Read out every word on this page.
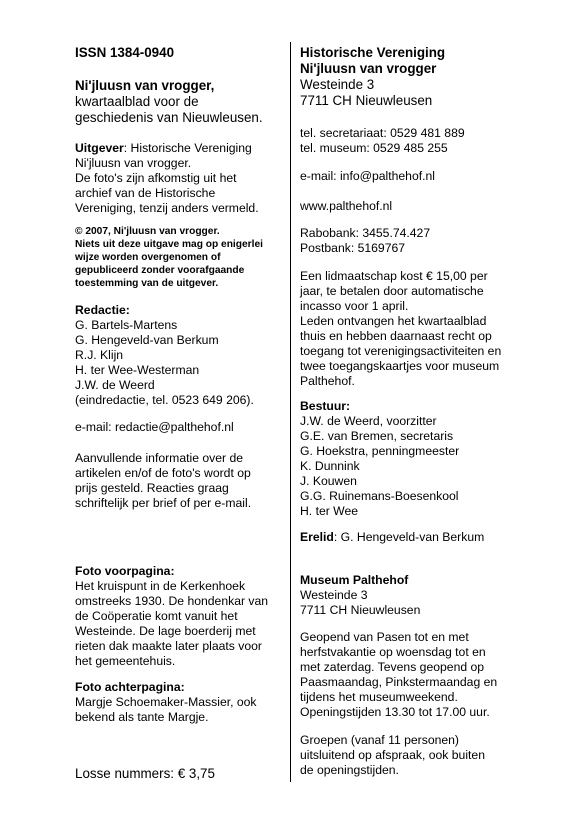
ISSN 1384-0940
Ni'jluusn van vrogger,
kwartaalblad voor de
geschiedenis van Nieuwleusen.
Uitgever: Historische Vereniging
Ni'jluusn van vrogger.
De foto's zijn afkomstig uit het
archief van de Historische
Vereniging, tenzij anders vermeld.
© 2007, Ni'jluusn van vrogger.
Niets uit deze uitgave mag op enigerlei
wijze worden overgenomen of
gepubliceerd zonder voorafgaande
toestemming van de uitgever.
Redactie:
G. Bartels-Martens
G. Hengeveld-van Berkum
R.J. Klijn
H. ter Wee-Westerman
J.W. de Weerd
(eindredactie, tel. 0523 649 206).
e-mail: redactie@palthehof.nl
Aanvullende informatie over de
artikelen en/of de foto's wordt op
prijs gesteld. Reacties graag
schriftelijk per brief of per e-mail.
Foto voorpagina:
Het kruispunt in de Kerkenhoek
omstreeks 1930. De hondenkar van
de Coöperatie komt vanuit het
Westeinde. De lage boerderij met
rieten dak maakte later plaats voor
het gemeentehuis.
Foto achterpagina:
Margje Schoemaker-Massier, ook
bekend als tante Margje.
Losse nummers: € 3,75
Historische Vereniging
Ni'jluusn van vrogger
Westeinde 3
7711 CH Nieuwleusen
tel. secretariaat: 0529 481 889
tel. museum: 0529 485 255
e-mail: info@palthehof.nl
www.palthehof.nl
Rabobank: 3455.74.427
Postbank: 5169767
Een lidmaatschap kost € 15,00 per
jaar, te betalen door automatische
incasso voor 1 april.
Leden ontvangen het kwartaalblad
thuis en hebben daarnaast recht op
toegang tot verenigingsactiviteiten en
twee toegangskaartjes voor museum
Palthehof.
Bestuur:
J.W. de Weerd, voorzitter
G.E. van Bremen, secretaris
G. Hoekstra, penningmeester
K. Dunnink
J. Kouwen
G.G. Ruinemans-Boesenkool
H. ter Wee
Erelid: G. Hengeveld-van Berkum
Museum Palthehof
Westeinde 3
7711 CH Nieuwleusen
Geopend van Pasen tot en met
herfstvakantie op woensdag tot en
met zaterdag. Tevens geopend op
Paasmaandag, Pinkstermaandag en
tijdens het museumweekend.
Openingstijden 13.30 tot 17.00 uur.
Groepen (vanaf 11 personen)
uitsluitend op afspraak, ook buiten
de openingstijden.
